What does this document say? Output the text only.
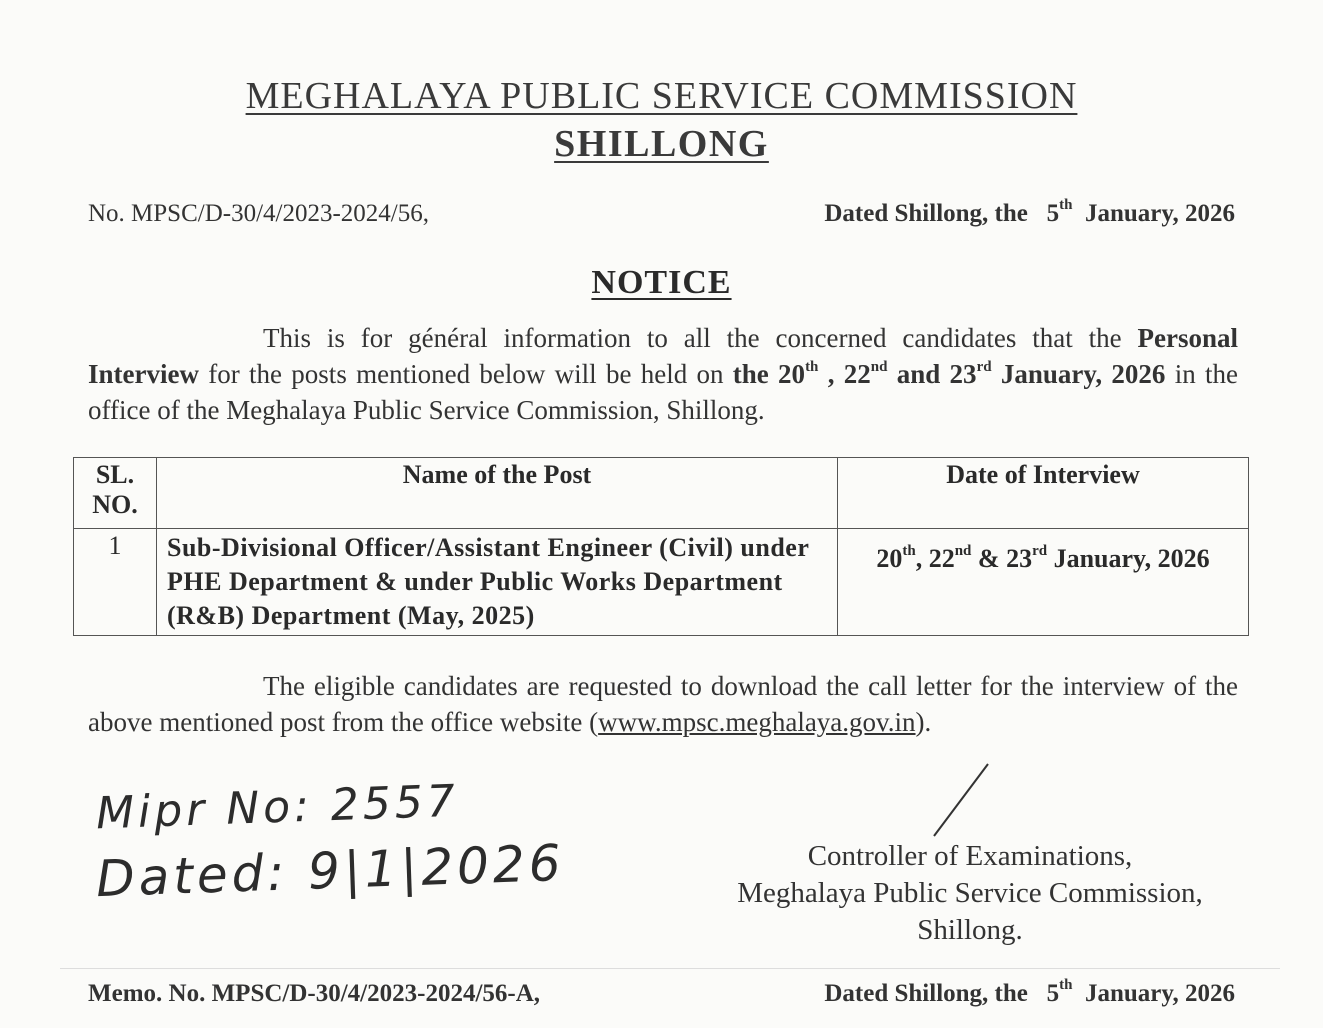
MEGHALAYA PUBLIC SERVICE COMMISSION
SHILLONG
No. MPSC/D-30/4/2023-2024/56,	Dated Shillong, the 5th January, 2026
NOTICE
This is for général information to all the concerned candidates that the Personal Interview for the posts mentioned below will be held on the 20th , 22nd and 23rd January, 2026 in the office of the Meghalaya Public Service Commission, Shillong.
SL. NO.	Name of the Post	Date of Interview
1	Sub-Divisional Officer/Assistant Engineer (Civil) under PHE Department & under Public Works Department (R&B) Department (May, 2025)	20th, 22nd & 23rd January, 2026
The eligible candidates are requested to download the call letter for the interview of the above mentioned post from the office website (www.mpsc.meghalaya.gov.in).
Mipr No: 2557
Dated: 9|1|2026	Controller of Examinations,
Meghalaya Public Service Commission,
Shillong.
Memo. No. MPSC/D-30/4/2023-2024/56-A,	Dated Shillong, the 5th January, 2026
